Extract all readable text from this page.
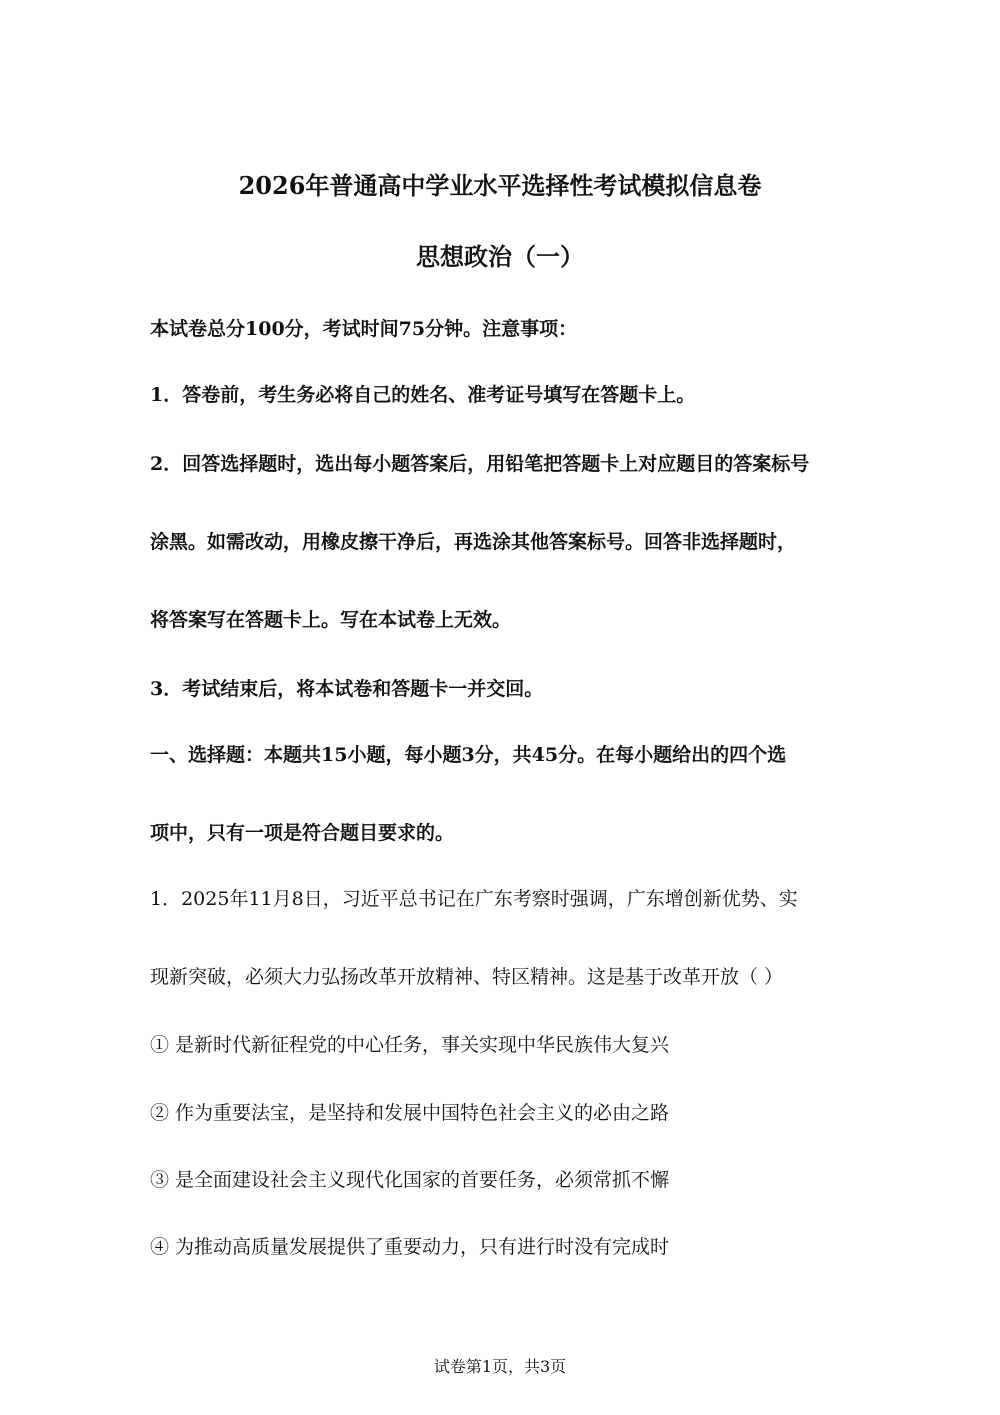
2026年普通高中学业水平选择性考试模拟信息卷
思想政治（一）
本试卷总分100分，考试时间75分钟。注意事项：
1．答卷前，考生务必将自己的姓名、准考证号填写在答题卡上。
2．回答选择题时，选出每小题答案后，用铅笔把答题卡上对应题目的答案标号
涂黑。如需改动，用橡皮擦干净后，再选涂其他答案标号。回答非选择题时，
将答案写在答题卡上。写在本试卷上无效。
3．考试结束后，将本试卷和答题卡一并交回。
一、选择题：本题共15小题，每小题3分，共45分。在每小题给出的四个选
项中，只有一项是符合题目要求的。
1．2025年11月8日，习近平总书记在广东考察时强调，广东增创新优势、实
现新突破，必须大力弘扬改革开放精神、特区精神。这是基于改革开放（ ）
① 是新时代新征程党的中心任务，事关实现中华民族伟大复兴
② 作为重要法宝，是坚持和发展中国特色社会主义的必由之路
③ 是全面建设社会主义现代化国家的首要任务，必须常抓不懈
④ 为推动高质量发展提供了重要动力，只有进行时没有完成时
试卷第1页，共3页
